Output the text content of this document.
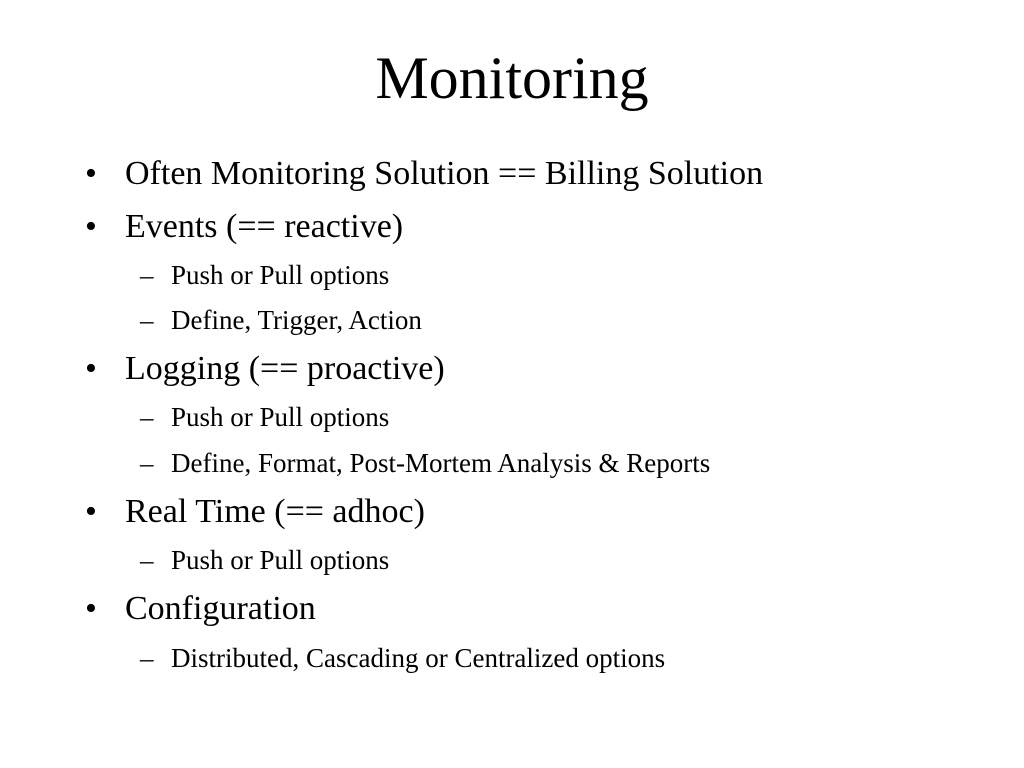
Monitoring
• Often Monitoring Solution == Billing Solution
• Events (== reactive)
– Push or Pull options
– Define, Trigger, Action
• Logging (== proactive)
– Push or Pull options
– Define, Format, Post-Mortem Analysis & Reports
• Real Time (== adhoc)
– Push or Pull options
• Configuration
– Distributed, Cascading or Centralized options
